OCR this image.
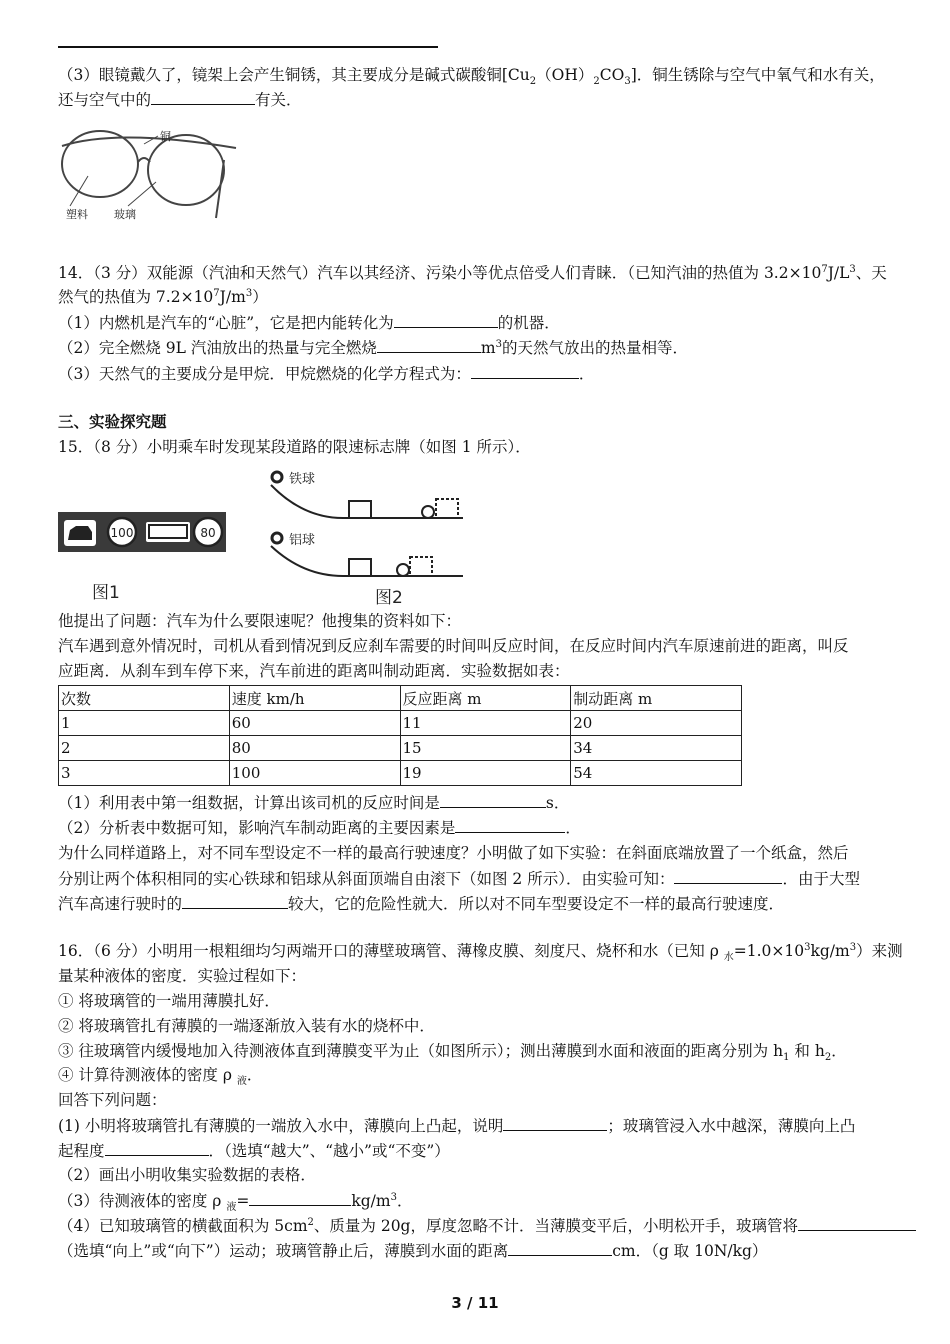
（3）眼镜戴久了，镜架上会产生铜锈，其主要成分是碱式碳酸铜$[Cu_2(OH)_2CO_3]$．铜生锈除与空气中氧气和水有关，
还与空气中的	有关．
铜
塑料 玻璃
14．（3 分）双能源（汽油和天然气）汽车以其经济、污染小等优点倍受人们青睐．（已知汽油的热值为 $3.2\times 10^7J/L^3$、天
然气的热值为 $7.2\times 10^7J/m^3$）
（1）内燃机是汽车的“心脏”，它是把内能转化为	的机器．
（2）完全燃烧 9L 汽油放出的热量与完全燃烧	$m^3$的天然气放出的热量相等．
（3）天然气的主要成分是甲烷．甲烷燃烧的化学方程式为：	．
三、实验探究题
15．（8 分）小明乘车时发现某段道路的限速标志牌（如图 1 所示）．
100	80
图1
铁球
铝球
图2
他提出了问题：汽车为什么要限速呢？他搜集的资料如下：
汽车遇到意外情况时，司机从看到情况到反应刹车需要的时间叫反应时间，在反应时间内汽车原速前进的距离，叫反
应距离．从刹车到车停下来，汽车前进的距离叫制动距离．实验数据如表：
次数	速度 km/h	反应距离 m	制动距离 m
1	60	11	20
2	80	15	34
3	100	19	54
（1）利用表中第一组数据，计算出该司机的反应时间是	s．
（2）分析表中数据可知，影响汽车制动距离的主要因素是	．
为什么同样道路上，对不同车型设定不一样的最高行驶速度？小明做了如下实验：在斜面底端放置了一个纸盒，然后
分别让两个体积相同的实心铁球和铝球从斜面顶端自由滚下（如图 2 所示）．由实验可知：	．由于大型
汽车高速行驶时的	较大，它的危险性就大．所以对不同车型要设定不一样的最高行驶速度．
16．（6 分）小明用一根粗细均匀两端开口的薄壁玻璃管、薄橡皮膜、刻度尺、烧杯和水（已知 ρ $_水=1.0\times 10^3kg/m^3$）来测
量某种液体的密度．实验过程如下：
① 将玻璃管的一端用薄膜扎好．
② 将玻璃管扎有薄膜的一端逐渐放入装有水的烧杯中．
③ 往玻璃管内缓慢地加入待测液体直到薄膜变平为止（如图所示）；测出薄膜到水面和液面的距离分别为 $h_1$ 和 $h_2$．
④ 计算待测液体的密度 ρ $_液$．
回答下列问题：
(1) 小明将玻璃管扎有薄膜的一端放入水中，薄膜向上凸起，说明	；玻璃管浸入水中越深，薄膜向上凸
起程度	．（选填“越大”、“越小”或“不变”）
（2）画出小明收集实验数据的表格．
（3）待测液体的密度 ρ $_液$=	$kg/m^3$．
（4）已知玻璃管的横截面积为 $5cm^2$、质量为 20g，厚度忽略不计．当薄膜变平后，小明松开手，玻璃管将
（选填“向上”或“向下”）运动；玻璃管静止后，薄膜到水面的距离	cm．（g 取 10N/kg）
3 / 11
